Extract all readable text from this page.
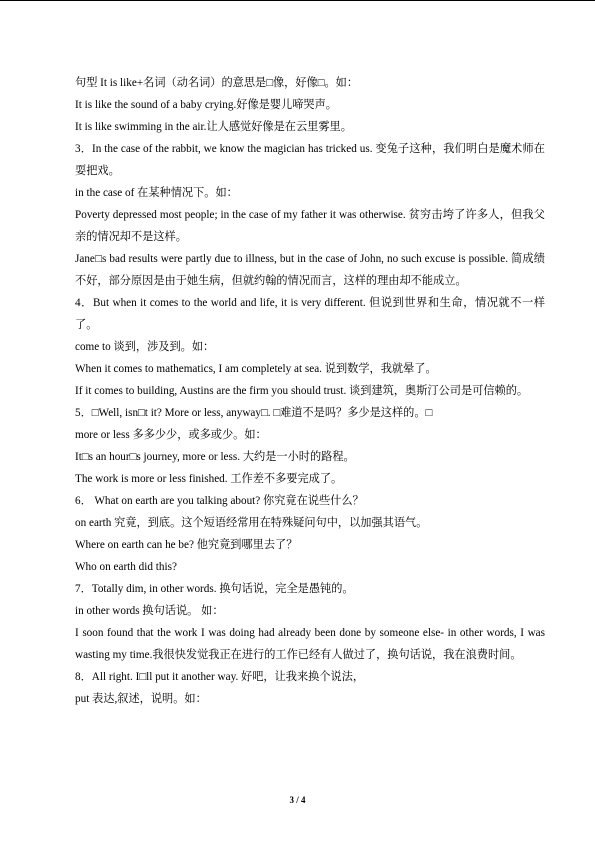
句型 It is like+名词（动名词）的意思是□像，好像□。如：
It is like the sound of a baby crying.好像是婴儿啼哭声。
It is like swimming in the air.让人感觉好像是在云里雾里。
3．In the case of the rabbit, we know the magician has tricked us. 变兔子这种，我们明白是魔术师在耍把戏。
in the case of 在某种情况下。如：
Poverty depressed most people; in the case of my father it was otherwise. 贫穷击垮了许多人，但我父亲的情况却不是这样。
Jane□s bad results were partly due to illness, but in the case of John, no such excuse is possible. 简成绩不好，部分原因是由于她生病，但就约翰的情况而言，这样的理由却不能成立。
4．But when it comes to the world and life, it is very different. 但说到世界和生命，情况就不一样了。
come to 谈到，涉及到。如：
When it comes to mathematics, I am completely at sea. 说到数学，我就晕了。
If it comes to building, Austins are the firm you should trust. 谈到建筑，奥斯汀公司是可信赖的。
5．□Well, isn□t it? More or less, anyway□. □难道不是吗？多少是这样的。□
more or less 多多少少，或多或少。如：
It□s an hour□s journey, more or less. 大约是一小时的路程。
The work is more or less finished. 工作差不多要完成了。
6． What on earth are you talking about? 你究竟在说些什么？
on earth 究竟，到底。这个短语经常用在特殊疑问句中，以加强其语气。
Where on earth can he be? 他究竟到哪里去了？
Who on earth did this?
7．Totally dim, in other words. 换句话说，完全是愚钝的。
in other words 换句话说。 如：
I soon found that the work I was doing had already been done by someone else- in other words, I was wasting my time.我很快发觉我正在进行的工作已经有人做过了，换句话说，我在浪费时间。
8．All right. I□ll put it another way. 好吧，让我来换个说法，
put 表达,叙述，说明。如：
3 / 4
